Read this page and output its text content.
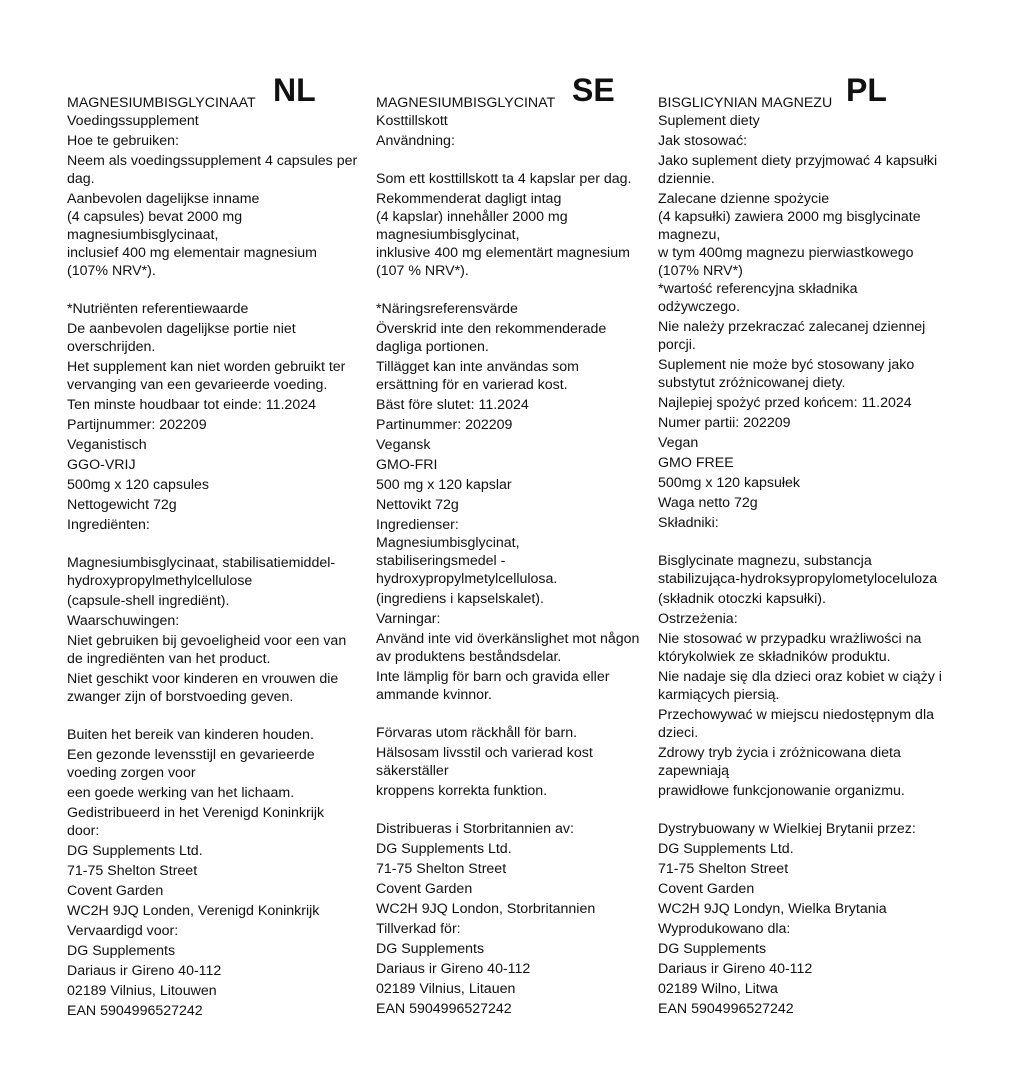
MAGNESIUMBISGLYCINAAT NL
Voedingssupplement
Hoe te gebruiken:
Neem als voedingssupplement 4 capsules per
dag.
Aanbevolen dagelijkse inname
(4 capsules) bevat 2000 mg
magnesiumbisglycinaat,
inclusief 400 mg elementair magnesium
(107% NRV*).
*Nutriënten referentiewaarde
De aanbevolen dagelijkse portie niet
overschrijden.
Het supplement kan niet worden gebruikt ter
vervanging van een gevarieerde voeding.
Ten minste houdbaar tot einde: 11.2024
Partijnummer: 202209
Veganistisch
GGO-VRIJ
500mg x 120 capsules
Nettogewicht 72g
Ingrediënten:
Magnesiumbisglycinaat, stabilisatiemiddel-
hydroxypropylmethylcellulose
(capsule-shell ingrediënt).
Waarschuwingen:
Niet gebruiken bij gevoeligheid voor een van
de ingrediënten van het product.
Niet geschikt voor kinderen en vrouwen die
zwanger zijn of borstvoeding geven.
Buiten het bereik van kinderen houden.
Een gezonde levensstijl en gevarieerde
voeding zorgen voor
een goede werking van het lichaam.
Gedistribueerd in het Verenigd Koninkrijk
door:
DG Supplements Ltd.
71-75 Shelton Street
Covent Garden
WC2H 9JQ Londen, Verenigd Koninkrijk
Vervaardigd voor:
DG Supplements
Dariaus ir Gireno 40-112
02189 Vilnius, Litouwen
EAN 5904996527242
MAGNESIUMBISGLYCINAT SE
Kosttillskott
Användning:
Som ett kosttillskott ta 4 kapslar per dag.
Rekommenderat dagligt intag
(4 kapslar) innehåller 2000 mg
magnesiumbisglycinat,
inklusive 400 mg elementärt magnesium
(107 % NRV*).
*Näringsreferensvärde
Överskrid inte den rekommenderade
dagliga portionen.
Tillägget kan inte användas som
ersättning för en varierad kost.
Bäst före slutet: 11.2024
Partinummer: 202209
Vegansk
GMO-FRI
500 mg x 120 kapslar
Nettovikt 72g
Ingredienser:
Magnesiumbisglycinat,
stabiliseringsmedel -
hydroxypropylmetylcellulosa.
(ingrediens i kapselskalet).
Varningar:
Använd inte vid överkänslighet mot någon
av produktens beståndsdelar.
Inte lämplig för barn och gravida eller
ammande kvinnor.
Förvaras utom räckhåll för barn.
Hälsosam livsstil och varierad kost
säkerställer
kroppens korrekta funktion.
Distribueras i Storbritannien av:
DG Supplements Ltd.
71-75 Shelton Street
Covent Garden
WC2H 9JQ London, Storbritannien
Tillverkad för:
DG Supplements
Dariaus ir Gireno 40-112
02189 Vilnius, Litauen
EAN 5904996527242
BISGLICYNIAN MAGNEZU PL
Suplement diety
Jak stosować:
Jako suplement diety przyjmować 4 kapsułki
dziennie.
Zalecane dzienne spożycie
(4 kapsułki) zawiera 2000 mg bisglycinate
magnezu,
w tym 400mg magnezu pierwiastkowego
(107% NRV*)
*wartość referencyjna składnika
odżywczego.
Nie należy przekraczać zalecanej dziennej
porcji.
Suplement nie może być stosowany jako
substytut zróżnicowanej diety.
Najlepiej spożyć przed końcem: 11.2024
Numer partii: 202209
Vegan
GMO FREE
500mg x 120 kapsułek
Waga netto 72g
Składniki:
Bisglycinate magnezu, substancja
stabilizująca-hydroksypropylometyloceluloza
(składnik otoczki kapsułki).
Ostrzeżenia:
Nie stosować w przypadku wrażliwości na
którykolwiek ze składników produktu.
Nie nadaje się dla dzieci oraz kobiet w ciąży i
karmiących piersią.
Przechowywać w miejscu niedostępnym dla
dzieci.
Zdrowy tryb życia i zróżnicowana dieta
zapewniają
prawidłowe funkcjonowanie organizmu.
Dystrybuowany w Wielkiej Brytanii przez:
DG Supplements Ltd.
71-75 Shelton Street
Covent Garden
WC2H 9JQ Londyn, Wielka Brytania
Wyprodukowano dla:
DG Supplements
Dariaus ir Gireno 40-112
02189 Wilno, Litwa
EAN 5904996527242
